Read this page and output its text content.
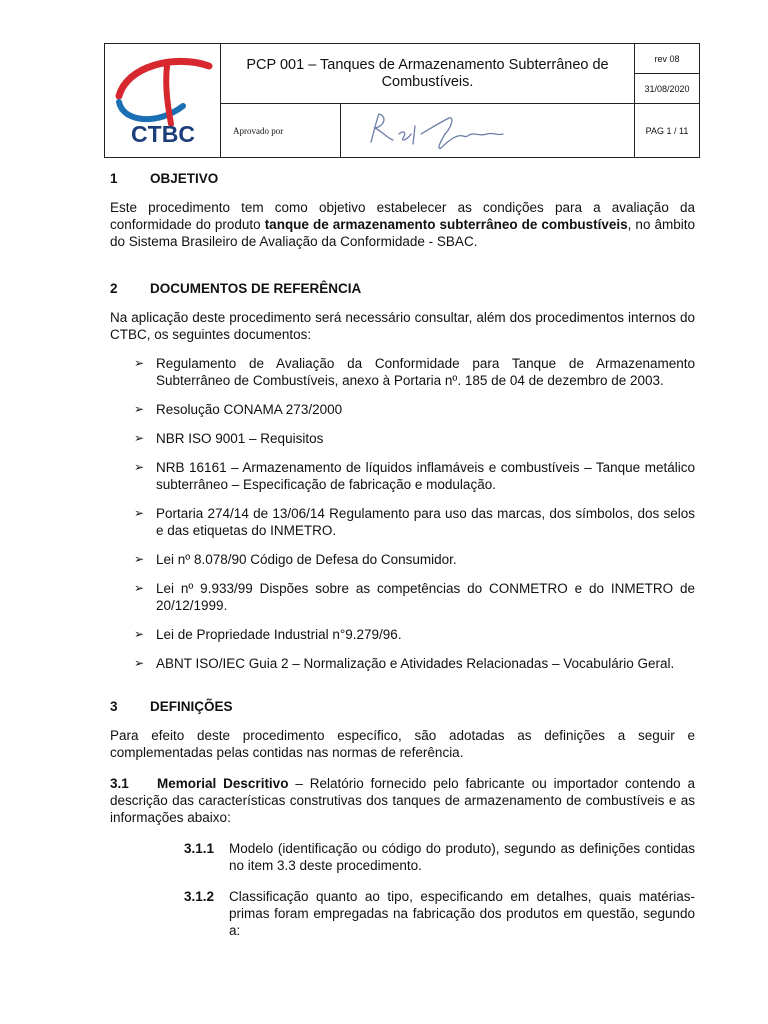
CTBC
PCP 001 – Tanques de Armazenamento Subterrâneo de Combustíveis.
rev 08
31/08/2020
Aprovado por	PAG 1 / 11
1	OBJETIVO

Este procedimento tem como objetivo estabelecer as condições para a avaliação da conformidade do produto tanque de armazenamento subterrâneo de combustíveis, no âmbito do Sistema Brasileiro de Avaliação da Conformidade - SBAC.

2	DOCUMENTOS DE REFERÊNCIA

Na aplicação deste procedimento será necessário consultar, além dos procedimentos internos do CTBC, os seguintes documentos:

➢ Regulamento de Avaliação da Conformidade para Tanque de Armazenamento Subterrâneo de Combustíveis, anexo à Portaria nº. 185 de 04 de dezembro de 2003.
➢ Resolução CONAMA 273/2000
➢ NBR ISO 9001 – Requisitos
➢ NRB 16161 – Armazenamento de líquidos inflamáveis e combustíveis – Tanque metálico subterrâneo – Especificação de fabricação e modulação.
➢ Portaria 274/14 de 13/06/14 Regulamento para uso das marcas, dos símbolos, dos selos e das etiquetas do INMETRO.
➢ Lei nº 8.078/90 Código de Defesa do Consumidor.
➢ Lei nº 9.933/99 Dispões sobre as competências do CONMETRO e do INMETRO de 20/12/1999.
➢ Lei de Propriedade Industrial n°9.279/96.
➢ ABNT ISO/IEC Guia 2 – Normalização e Atividades Relacionadas – Vocabulário Geral.
3	DEFINIÇÕES

Para efeito deste procedimento específico, são adotadas as definições a seguir e complementadas pelas contidas nas normas de referência.

3.1 Memorial Descritivo – Relatório fornecido pelo fabricante ou importador contendo a descrição das características construtivas dos tanques de armazenamento de combustíveis e as informações abaixo:

3.1.1	Modelo (identificação ou código do produto), segundo as definições contidas no item 3.3 deste procedimento.
3.1.2	Classificação quanto ao tipo, especificando em detalhes, quais matérias-primas foram empregadas na fabricação dos produtos em questão, segundo a:
